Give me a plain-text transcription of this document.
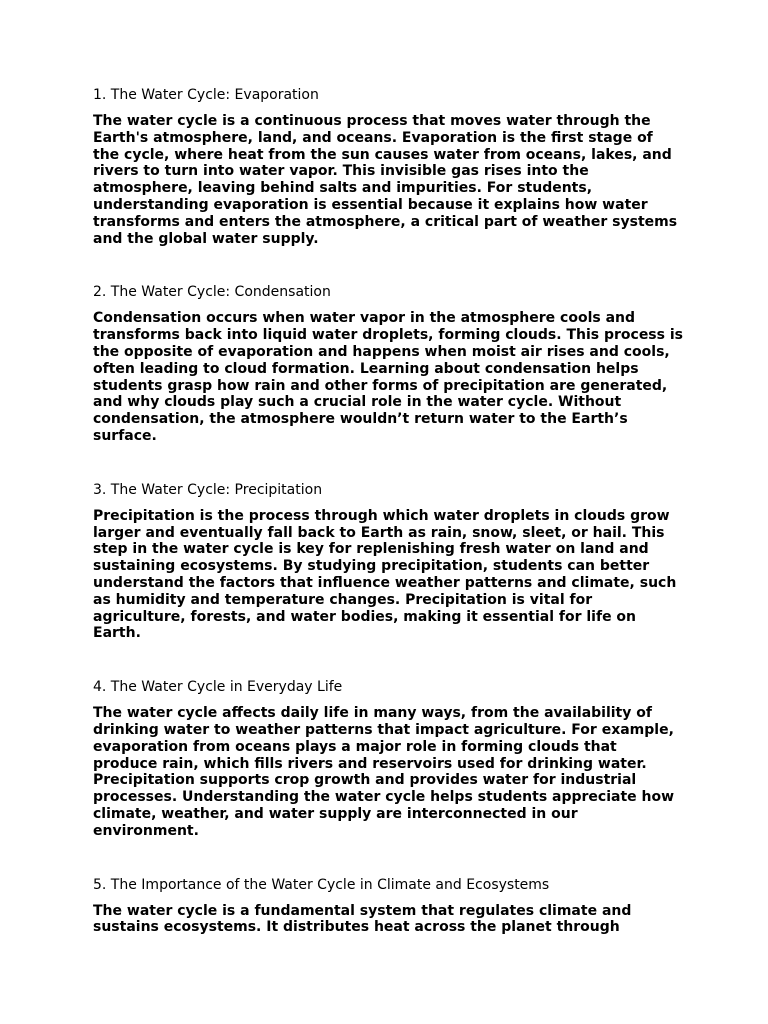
1. The Water Cycle: Evaporation

The water cycle is a continuous process that moves water through the Earth's atmosphere, land, and oceans. Evaporation is the first stage of the cycle, where heat from the sun causes water from oceans, lakes, and rivers to turn into water vapor. This invisible gas rises into the atmosphere, leaving behind salts and impurities. For students, understanding evaporation is essential because it explains how water transforms and enters the atmosphere, a critical part of weather systems and the global water supply.

2. The Water Cycle: Condensation

Condensation occurs when water vapor in the atmosphere cools and transforms back into liquid water droplets, forming clouds. This process is the opposite of evaporation and happens when moist air rises and cools, often leading to cloud formation. Learning about condensation helps students grasp how rain and other forms of precipitation are generated, and why clouds play such a crucial role in the water cycle. Without condensation, the atmosphere wouldn’t return water to the Earth’s surface.

3. The Water Cycle: Precipitation

Precipitation is the process through which water droplets in clouds grow larger and eventually fall back to Earth as rain, snow, sleet, or hail. This step in the water cycle is key for replenishing fresh water on land and sustaining ecosystems. By studying precipitation, students can better understand the factors that influence weather patterns and climate, such as humidity and temperature changes. Precipitation is vital for agriculture, forests, and water bodies, making it essential for life on Earth.

4. The Water Cycle in Everyday Life

The water cycle affects daily life in many ways, from the availability of drinking water to weather patterns that impact agriculture. For example, evaporation from oceans plays a major role in forming clouds that produce rain, which fills rivers and reservoirs used for drinking water. Precipitation supports crop growth and provides water for industrial processes. Understanding the water cycle helps students appreciate how climate, weather, and water supply are interconnected in our environment.

5. The Importance of the Water Cycle in Climate and Ecosystems

The water cycle is a fundamental system that regulates climate and sustains ecosystems. It distributes heat across the planet through
